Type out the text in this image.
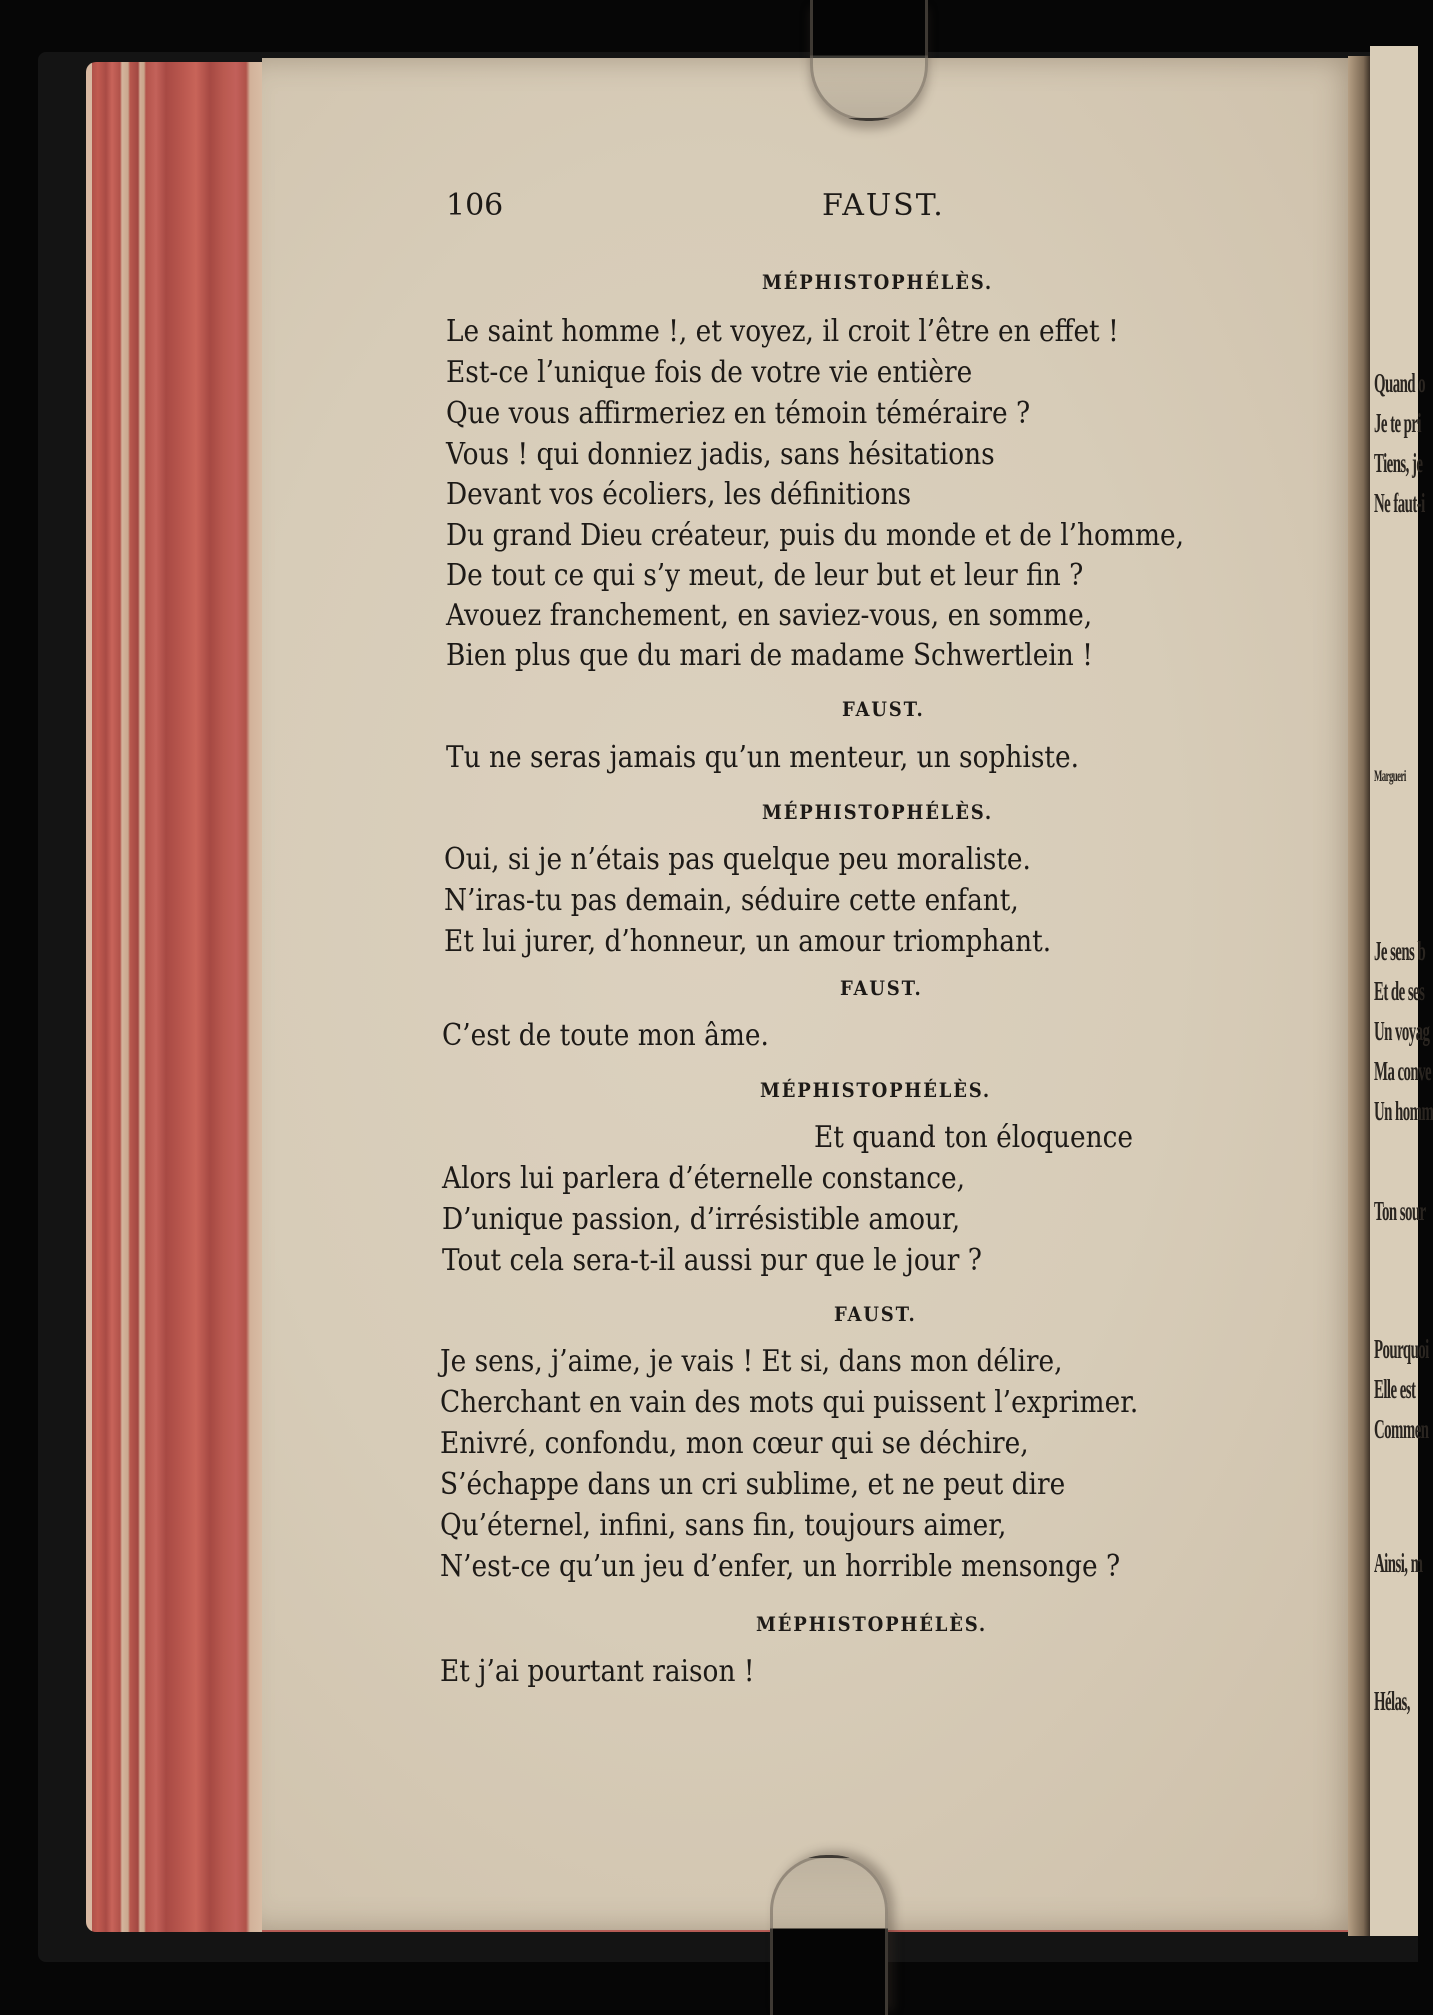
Quand o
Je te pri
Tiens, je
Ne faut-i
Margueri
Je sens b
Et de ses
Un voyag
Ma conve
Un homm
Ton sour
Pourquoi
Elle est
Commen
Ainsi, m
Hélas,
106	FAUST.
MÉPHISTOPHÉLÈS.
Le saint homme !, et voyez, il croit l’être en effet !
Est-ce l’unique fois de votre vie entière
Que vous affirmeriez en témoin téméraire ?
Vous ! qui donniez jadis, sans hésitations
Devant vos écoliers, les définitions
Du grand Dieu créateur, puis du monde et de l’homme,
De tout ce qui s’y meut, de leur but et leur fin ?
Avouez franchement, en saviez-vous, en somme,
Bien plus que du mari de madame Schwertlein !
FAUST.
Tu ne seras jamais qu’un menteur, un sophiste.
MÉPHISTOPHÉLÈS.
Oui, si je n’étais pas quelque peu moraliste.
N’iras-tu pas demain, séduire cette enfant,
Et lui jurer, d’honneur, un amour triomphant.
FAUST.
C’est de toute mon âme.
MÉPHISTOPHÉLÈS.
Et quand ton éloquence
Alors lui parlera d’éternelle constance,
D’unique passion, d’irrésistible amour,
Tout cela sera-t-il aussi pur que le jour ?
FAUST.
Je sens, j’aime, je vais ! Et si, dans mon délire,
Cherchant en vain des mots qui puissent l’exprimer.
Enivré, confondu, mon cœur qui se déchire,
S’échappe dans un cri sublime, et ne peut dire
Qu’éternel, infini, sans fin, toujours aimer,
N’est-ce qu’un jeu d’enfer, un horrible mensonge ?
MÉPHISTOPHÉLÈS.
Et j’ai pourtant raison !
